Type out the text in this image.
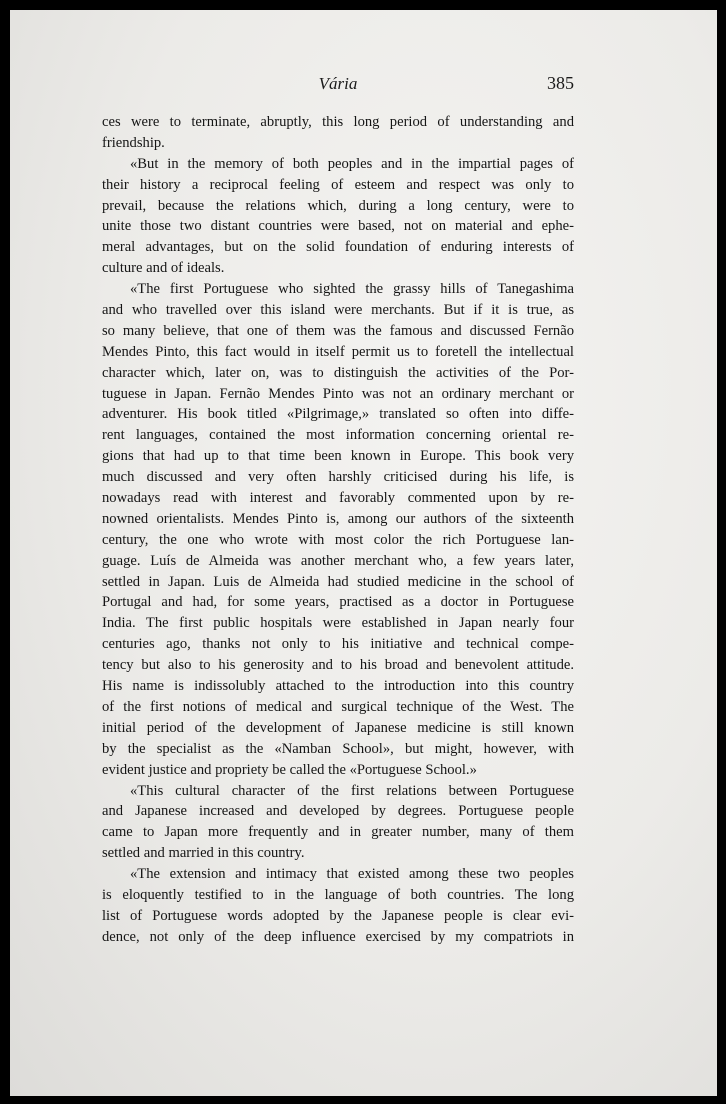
Vária	385
ces were to terminate, abruptly, this long period of understanding and
friendship.
«But in the memory of both peoples and in the impartial pages of
their history a reciprocal feeling of esteem and respect was only to
prevail, because the relations which, during a long century, were to
unite those two distant countries were based, not on material and ephe-
meral advantages, but on the solid foundation of enduring interests of
culture and of ideals.
«The first Portuguese who sighted the grassy hills of Tanegashima
and who travelled over this island were merchants. But if it is true, as
so many believe, that one of them was the famous and discussed Fernão
Mendes Pinto, this fact would in itself permit us to foretell the intellectual
character which, later on, was to distinguish the activities of the Por-
tuguese in Japan. Fernão Mendes Pinto was not an ordinary merchant or
adventurer. His book titled «Pilgrimage,» translated so often into diffe-
rent languages, contained the most information concerning oriental re-
gions that had up to that time been known in Europe. This book very
much discussed and very often harshly criticised during his life, is
nowadays read with interest and favorably commented upon by re-
nowned orientalists. Mendes Pinto is, among our authors of the sixteenth
century, the one who wrote with most color the rich Portuguese lan-
guage. Luís de Almeida was another merchant who, a few years later,
settled in Japan. Luis de Almeida had studied medicine in the school of
Portugal and had, for some years, practised as a doctor in Portuguese
India. The first public hospitals were established in Japan nearly four
centuries ago, thanks not only to his initiative and technical compe-
tency but also to his generosity and to his broad and benevolent attitude.
His name is indissolubly attached to the introduction into this country
of the first notions of medical and surgical technique of the West. The
initial period of the development of Japanese medicine is still known
by the specialist as the «Namban School», but might, however, with
evident justice and propriety be called the «Portuguese School.»
«This cultural character of the first relations between Portuguese
and Japanese increased and developed by degrees. Portuguese people
came to Japan more frequently and in greater number, many of them
settled and married in this country.
«The extension and intimacy that existed among these two peoples
is eloquently testified to in the language of both countries. The long
list of Portuguese words adopted by the Japanese people is clear evi-
dence, not only of the deep influence exercised by my compatriots in
